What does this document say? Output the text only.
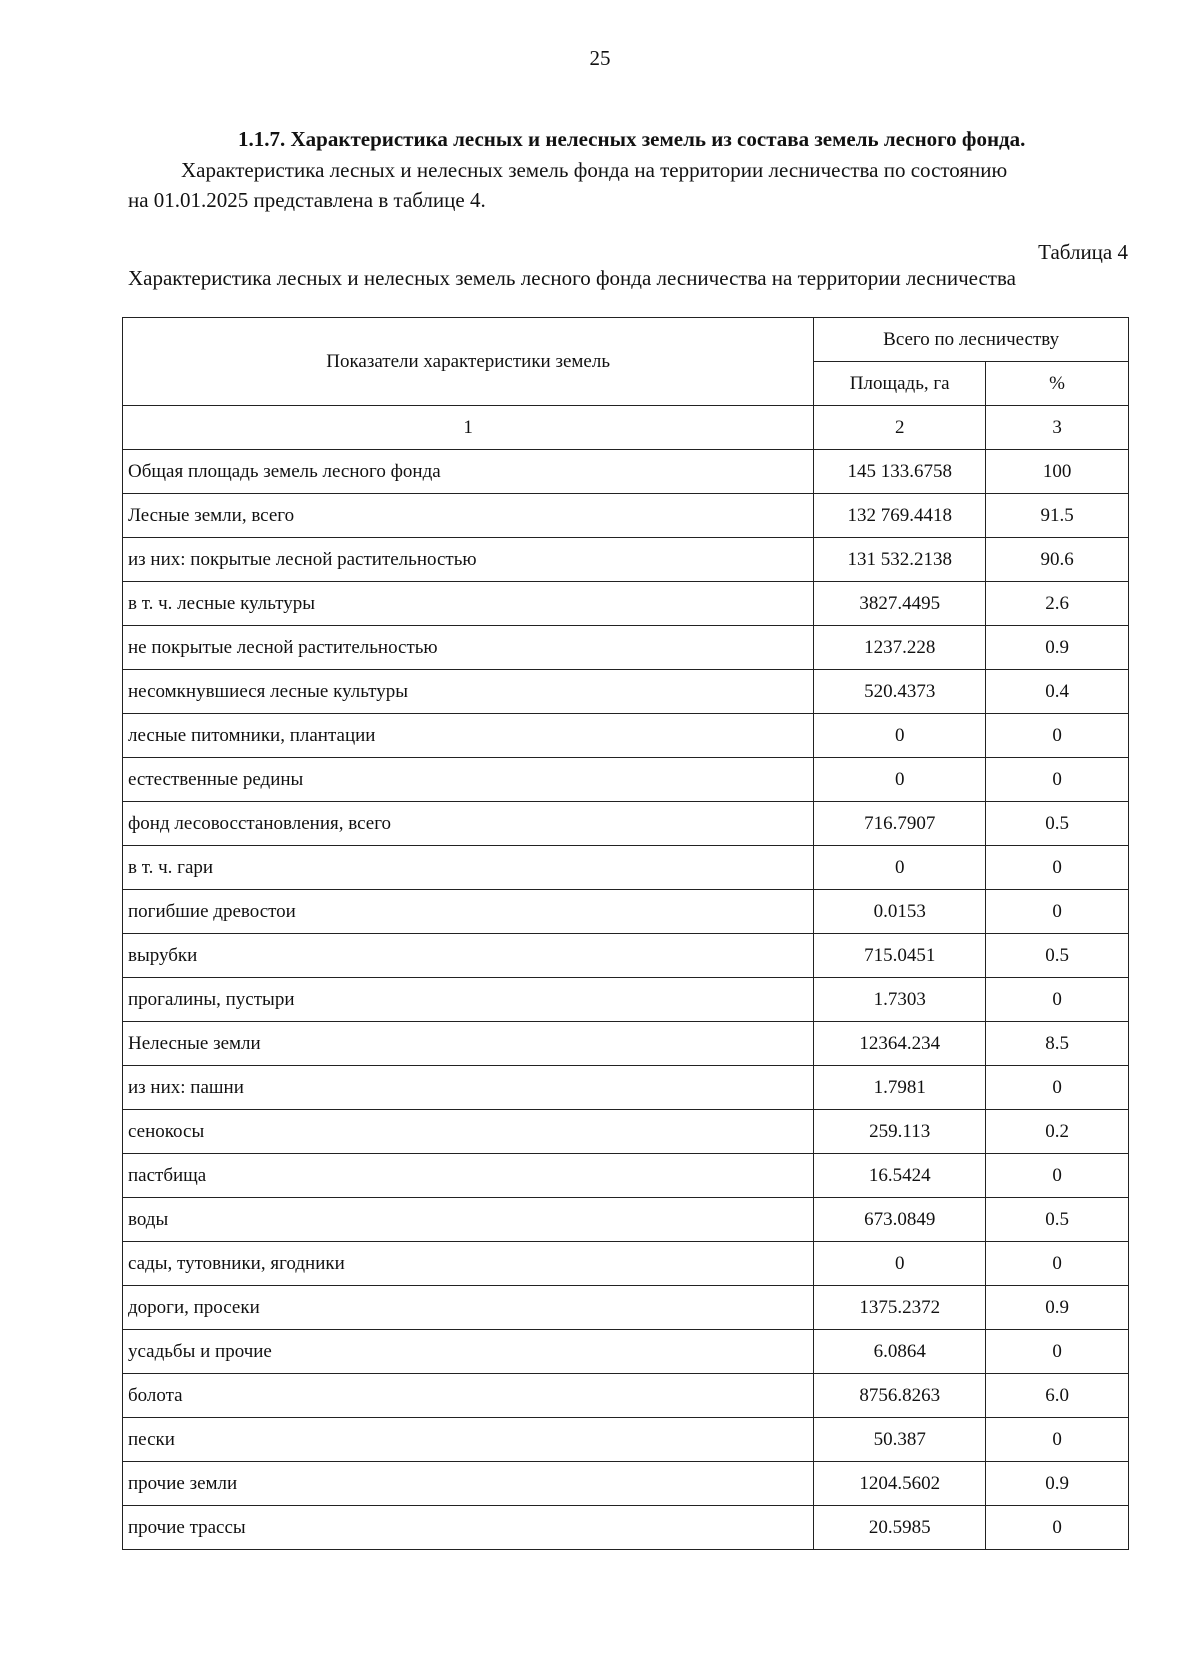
25
1.1.7. Характеристика лесных и нелесных земель из состава земель лесного фонда.
Характеристика лесных и нелесных земель фонда на территории лесничества по состоянию
на 01.01.2025 представлена в таблице 4.
Таблица 4
Характеристика лесных и нелесных земель лесного фонда лесничества на территории лесничества
Показатели характеристики земель	Всего по лесничеству	
	Площадь, га	%
1	2	3
Общая площадь земель лесного фонда	145 133.6758	100
Лесные земли, всего	132 769.4418	91.5
из них: покрытые лесной растительностью	131 532.2138	90.6
в т. ч. лесные культуры	3827.4495	2.6
не покрытые лесной растительностью	1237.228	0.9
несомкнувшиеся лесные культуры	520.4373	0.4
лесные питомники, плантации	0	0
естественные редины	0	0
фонд лесовосстановления, всего	716.7907	0.5
в т. ч. гари	0	0
погибшие древостои	0.0153	0
вырубки	715.0451	0.5
прогалины, пустыри	1.7303	0
Нелесные земли	12364.234	8.5
из них: пашни	1.7981	0
сенокосы	259.113	0.2
пастбища	16.5424	0
воды	673.0849	0.5
сады, тутовники, ягодники	0	0
дороги, просеки	1375.2372	0.9
усадьбы и прочие	6.0864	0
болота	8756.8263	6.0
пески	50.387	0
прочие земли	1204.5602	0.9
прочие трассы	20.5985	0
